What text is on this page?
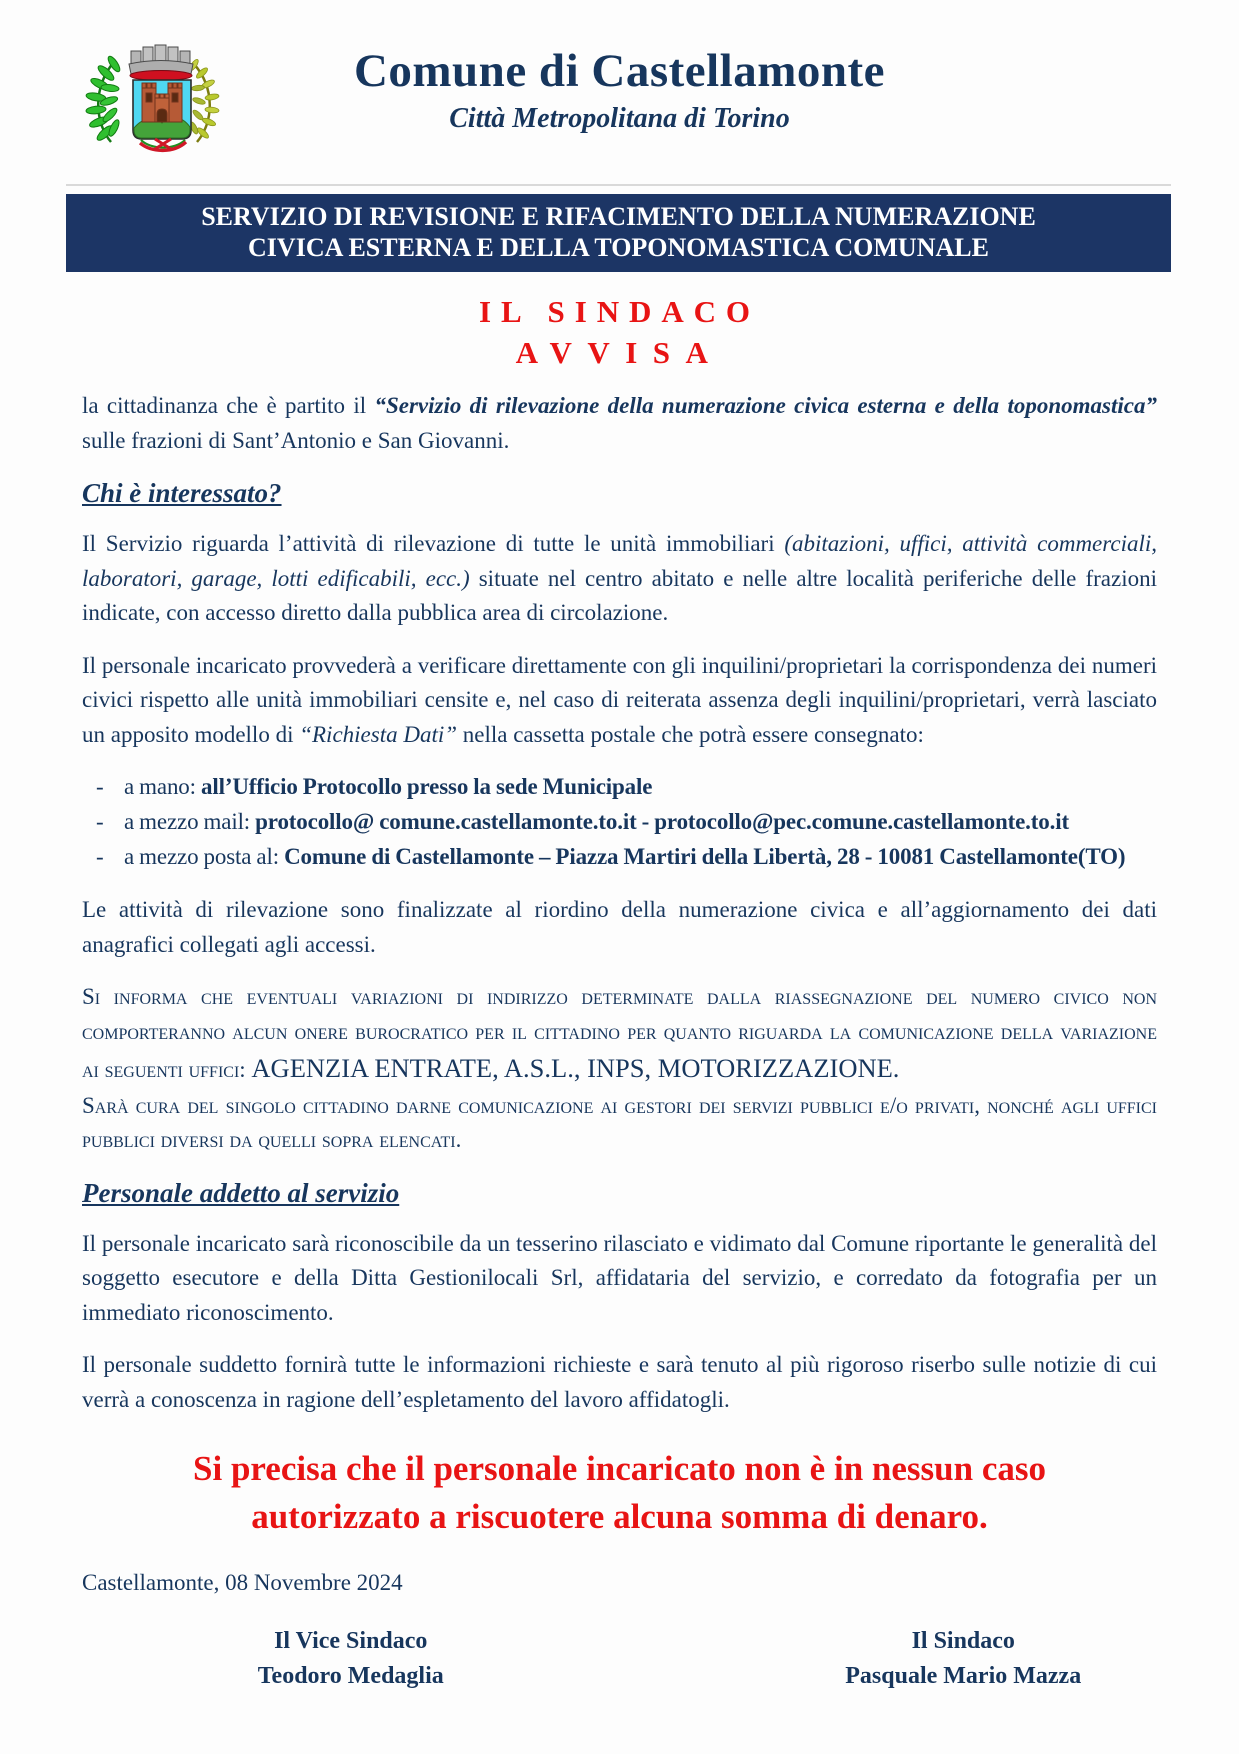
Comune di Castellamonte
Città Metropolitana di Torino
SERVIZIO DI REVISIONE E RIFACIMENTO DELLA NUMERAZIONE
CIVICA ESTERNA E DELLA TOPONOMASTICA COMUNALE
IL SINDACO
AVVISA

la cittadinanza che è partito il “Servizio di rilevazione della numerazione civica esterna e della toponomastica” sulle frazioni di Sant’Antonio e San Giovanni.

Chi è interessato?

Il Servizio riguarda l’attività di rilevazione di tutte le unità immobiliari (abitazioni, uffici, attività commerciali, laboratori, garage, lotti edificabili, ecc.) situate nel centro abitato e nelle altre località periferiche delle frazioni indicate, con accesso diretto dalla pubblica area di circolazione.

Il personale incaricato provvederà a verificare direttamente con gli inquilini/proprietari la corrispondenza dei numeri civici rispetto alle unità immobiliari censite e, nel caso di reiterata assenza degli inquilini/proprietari, verrà lasciato un apposito modello di “Richiesta Dati” nella cassetta postale che potrà essere consegnato:

- a mano: all’Ufficio Protocollo presso la sede Municipale
- a mezzo mail: protocollo@ comune.castellamonte.to.it - protocollo@pec.comune.castellamonte.to.it
- a mezzo posta al: Comune di Castellamonte – Piazza Martiri della Libertà, 28 - 10081 Castellamonte(TO)

Le attività di rilevazione sono finalizzate al riordino della numerazione civica e all’aggiornamento dei dati anagrafici collegati agli accessi.

Si informa che eventuali variazioni di indirizzo determinate dalla riassegnazione del numero civico non comporteranno alcun onere burocratico per il cittadino per quanto riguarda la comunicazione della variazione ai seguenti uffici: AGENZIA ENTRATE, A.S.L., INPS, MOTORIZZAZIONE.

Sarà cura del singolo cittadino darne comunicazione ai gestori dei servizi pubblici e/o privati, nonché agli uffici pubblici diversi da quelli sopra elencati.

Personale addetto al servizio

Il personale incaricato sarà riconoscibile da un tesserino rilasciato e vidimato dal Comune riportante le generalità del soggetto esecutore e della Ditta Gestionilocali Srl, affidataria del servizio, e corredato da fotografia per un immediato riconoscimento.

Il personale suddetto fornirà tutte le informazioni richieste e sarà tenuto al più rigoroso riserbo sulle notizie di cui verrà a conoscenza in ragione dell’espletamento del lavoro affidatogli.

Si precisa che il personale incaricato non è in nessun caso
autorizzato a riscuotere alcuna somma di denaro.
Castellamonte, 08 Novembre 2024
Il Vice Sindaco
Teodoro Medaglia
Il Sindaco
Pasquale Mario Mazza
